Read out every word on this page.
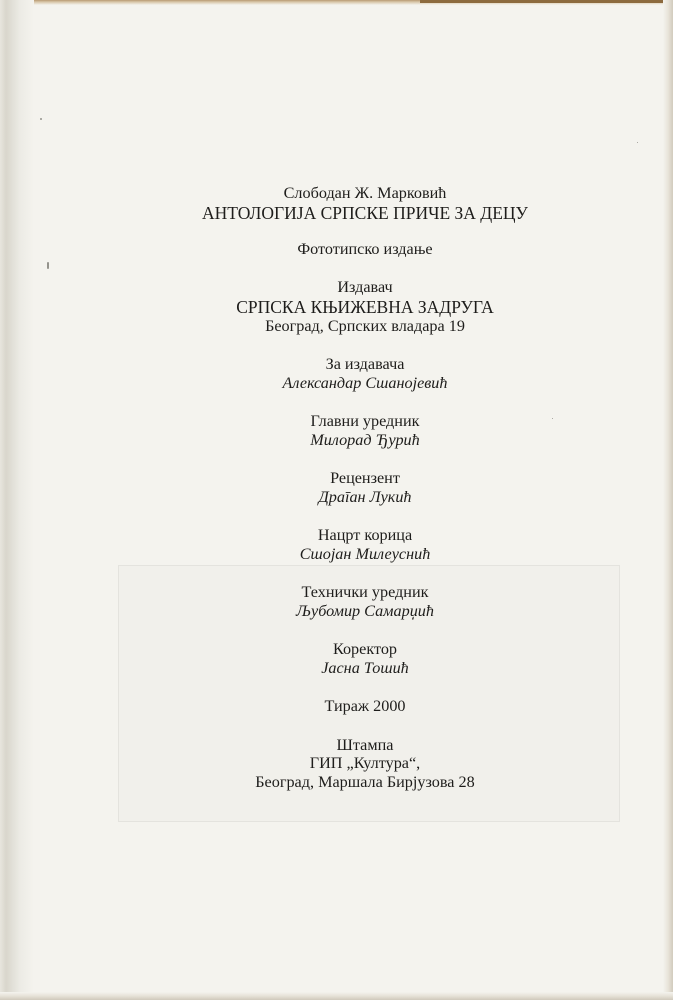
Слободан Ж. Марковић
АНТОЛОГИЈА СРПСКЕ ПРИЧЕ ЗА ДЕЦУ
Фототипско издање
Издавач
СРПСКА КЊИЖЕВНА ЗАДРУГА
Београд, Српских владара 19
За издавача
Александар Сшанојевић
Главни уредник
Милорад Ђурић
Рецензент
Драīан Лукић
Нацрт корица
Сшојан Милеуснић
Технички уредник
Љубомир Самарџић
Коректор
Јасна Тошић
Тираж 2000
Штампа
ГИП „Култура“,
Београд, Маршала Бирјузова 28
